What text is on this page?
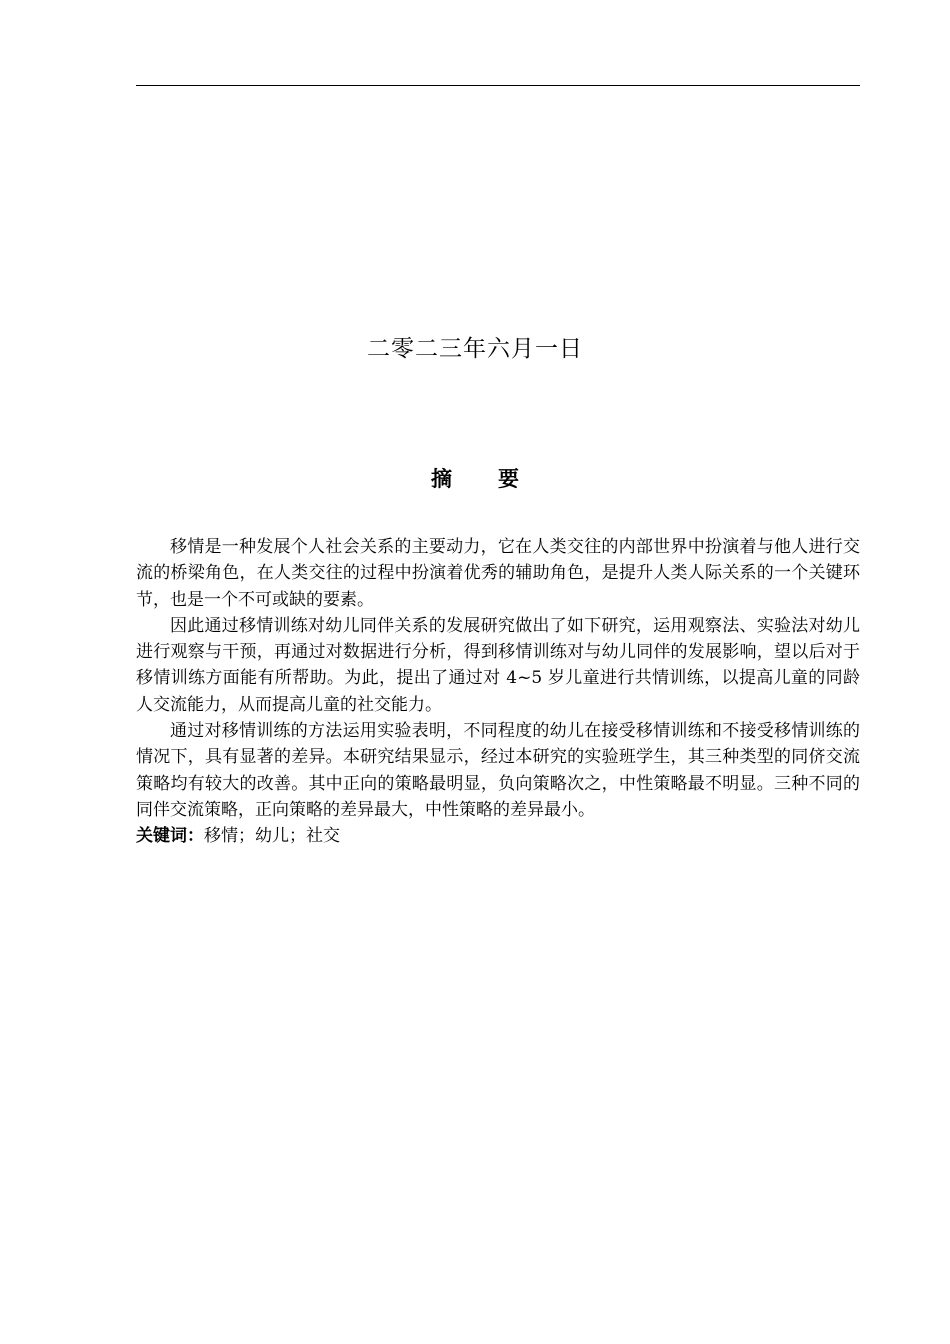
二零二三年六月一日
摘 要

移情是一种发展个人社会关系的主要动力，它在人类交往的内部世界中扮演着与他人进行交流的桥梁角色，在人类交往的过程中扮演着优秀的辅助角色，是提升人类人际关系的一个关键环节，也是一个不可或缺的要素。

因此通过移情训练对幼儿同伴关系的发展研究做出了如下研究，运用观察法、实验法对幼儿进行观察与干预，再通过对数据进行分析，得到移情训练对与幼儿同伴的发展影响，望以后对于移情训练方面能有所帮助。为此，提出了通过对 4~5 岁儿童进行共情训练，以提高儿童的同龄人交流能力，从而提高儿童的社交能力。

通过对移情训练的方法运用实验表明，不同程度的幼儿在接受移情训练和不接受移情训练的情况下，具有显著的差异。本研究结果显示，经过本研究的实验班学生，其三种类型的同侪交流策略均有较大的改善。其中正向的策略最明显，负向策略次之，中性策略最不明显。三种不同的同伴交流策略，正向策略的差异最大，中性策略的差异最小。

关键词：移情；幼儿；社交
